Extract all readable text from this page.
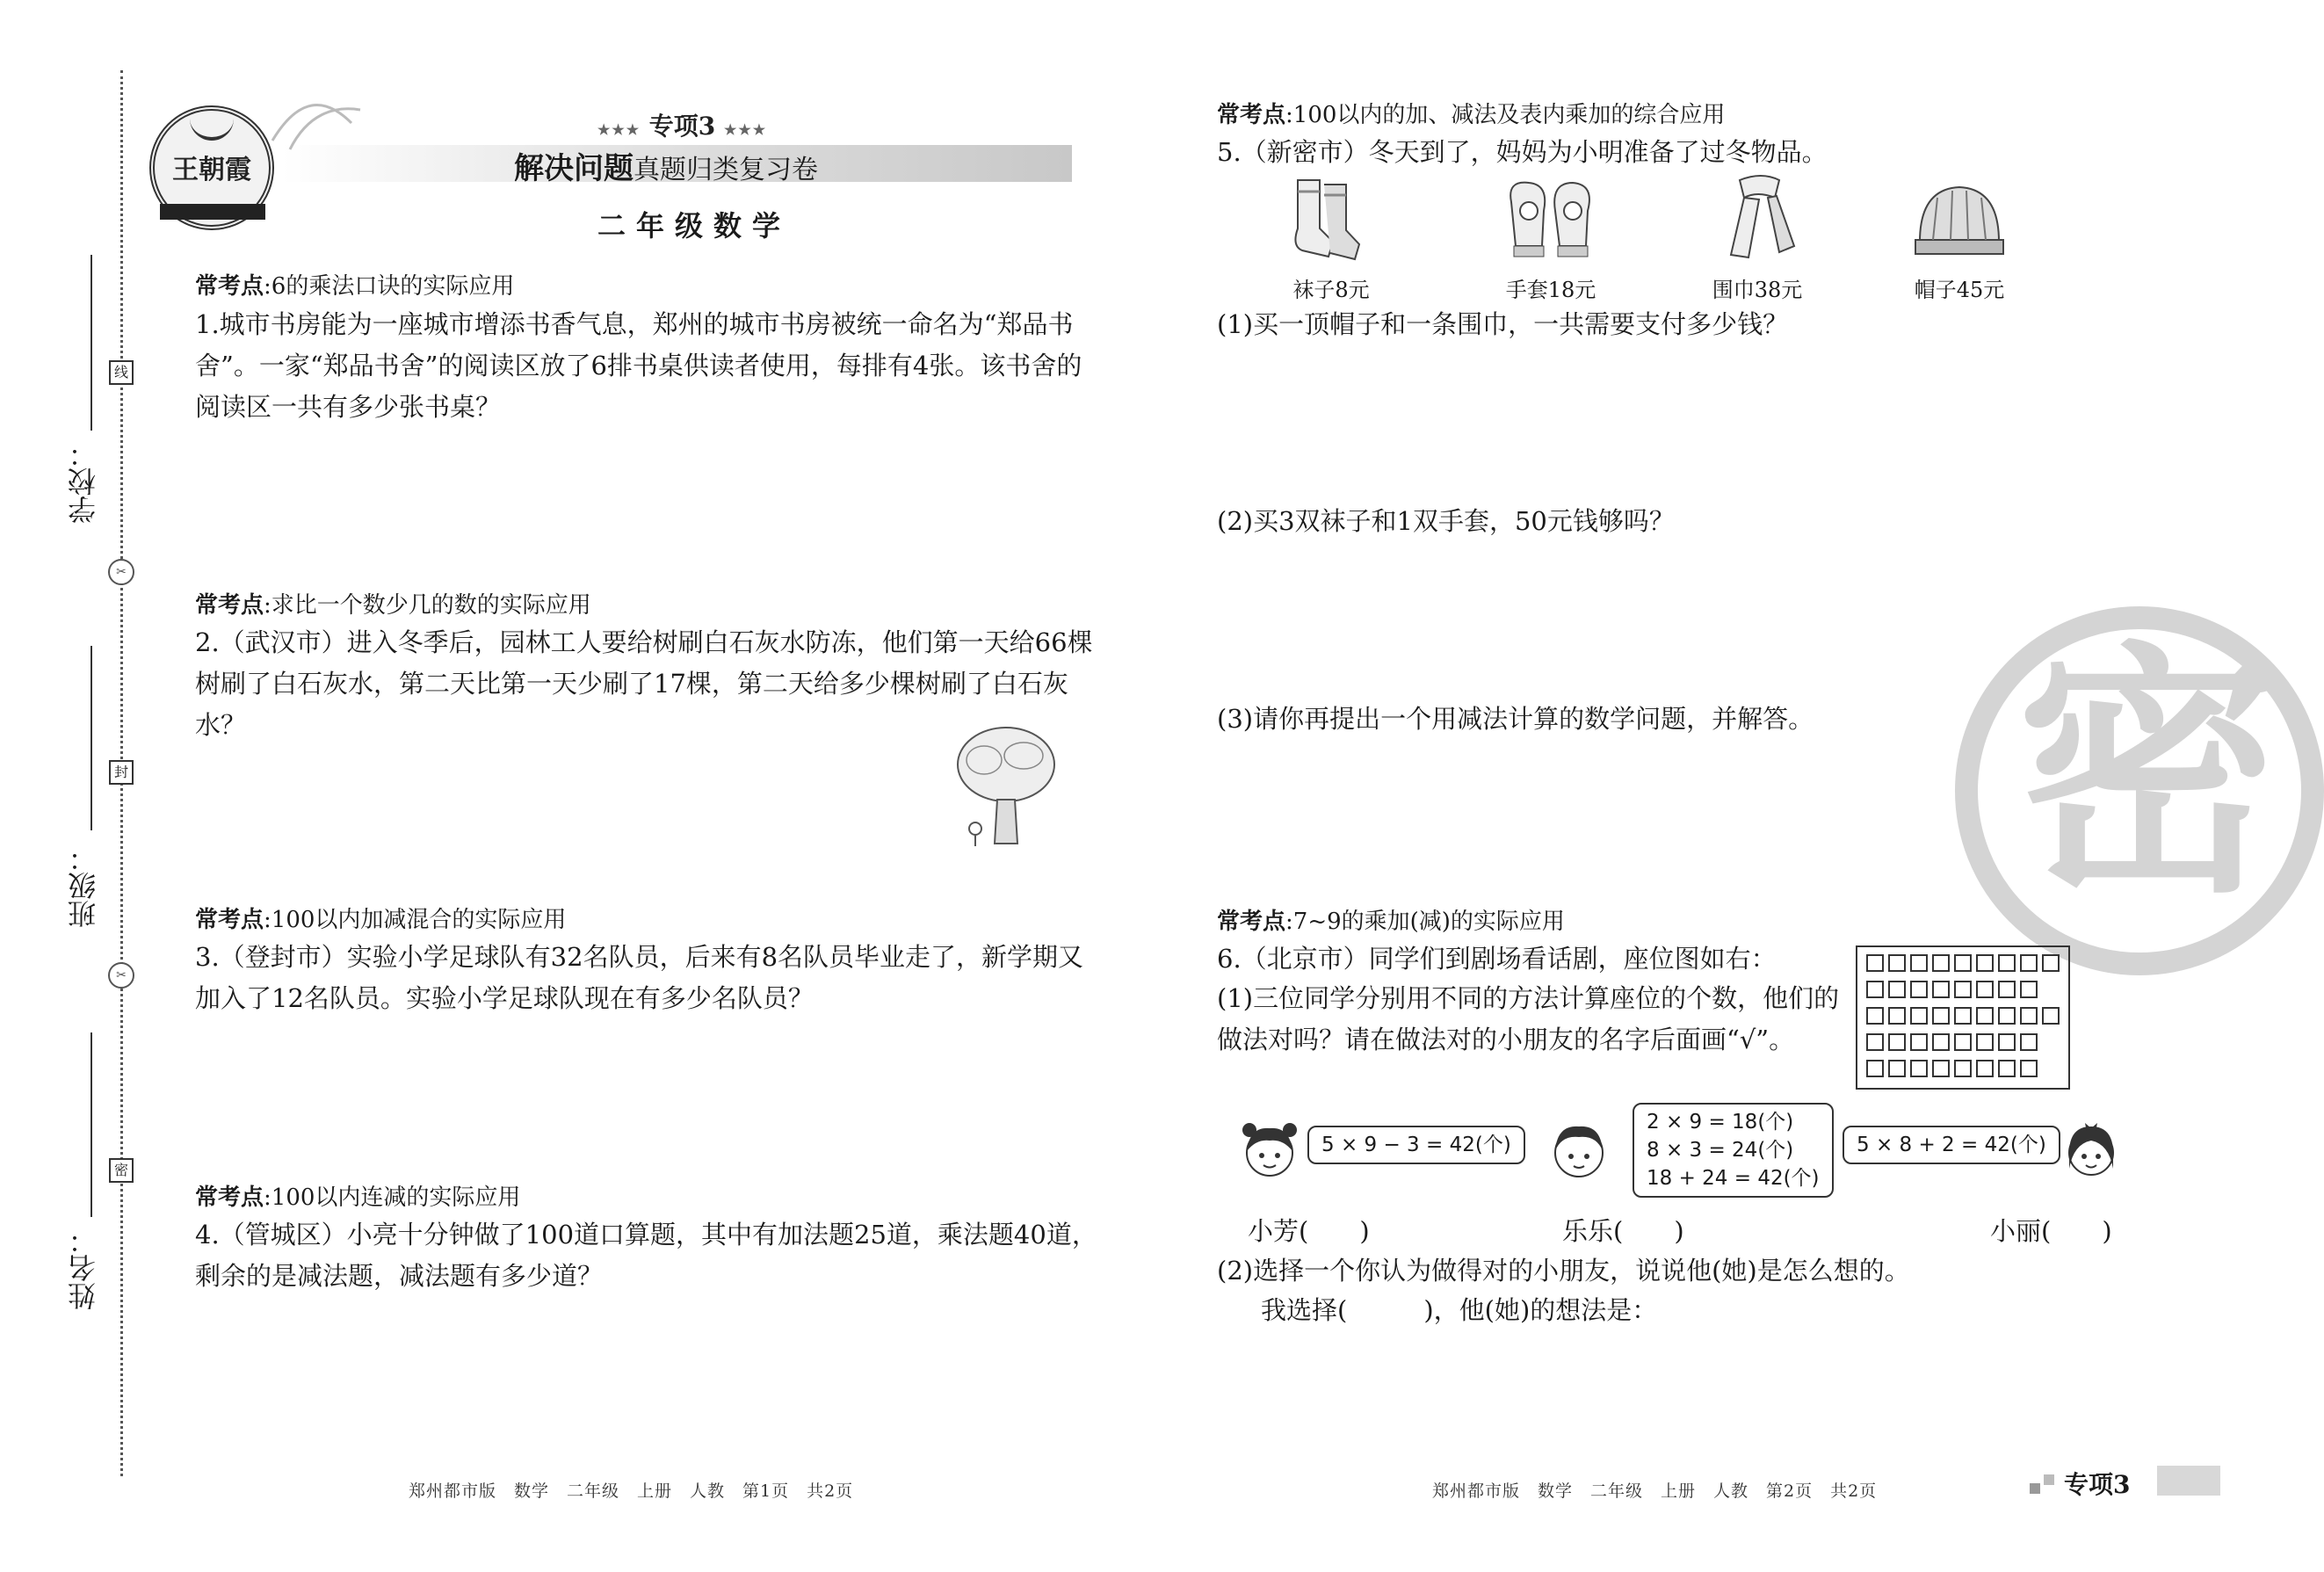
学校：
班级：
姓名：
线
封
密
✂
✂
王朝霞
★★★ 专项3 ★★★
解决问题真题归类复习卷
二年级数学
常考点:6的乘法口诀的实际应用
1.城市书房能为一座城市增添书香气息，郑州的城市书房被统一命名为“郑品书舍”。一家“郑品书舍”的阅读区放了6排书桌供读者使用，每排有4张。该书舍的阅读区一共有多少张书桌？
常考点:求比一个数少几的数的实际应用
2.（武汉市）进入冬季后，园林工人要给树刷白石灰水防冻，他们第一天给66棵树刷了白石灰水，第二天比第一天少刷了17棵，第二天给多少棵树刷了白石灰水？
常考点:100以内加减混合的实际应用
3.（登封市）实验小学足球队有32名队员，后来有8名队员毕业走了，新学期又加入了12名队员。实验小学足球队现在有多少名队员？
常考点:100以内连减的实际应用
4.（管城区）小亮十分钟做了100道口算题，其中有加法题25道，乘法题40道，剩余的是减法题，减法题有多少道？
郑州都市版　数学　二年级　上册　人教　第1页　共2页
密
常考点:100以内的加、减法及表内乘加的综合应用
5.（新密市）冬天到了，妈妈为小明准备了过冬物品。
袜子8元	手套18元	围巾38元	帽子45元
(1)买一顶帽子和一条围巾，一共需要支付多少钱？
(2)买3双袜子和1双手套，50元钱够吗？
(3)请你再提出一个用减法计算的数学问题，并解答。
常考点:7~9的乘加(减)的实际应用
6.（北京市）同学们到剧场看话剧，座位图如右：
(1)三位同学分别用不同的方法计算座位的个数，他们的做法对吗？请在做法对的小朋友的名字后面画“√”。
5 × 9 − 3 = 42(个)
2 × 9 = 18(个)
8 × 3 = 24(个)
18 + 24 = 42(个)
5 × 8 + 2 = 42(个)
小芳(　　)	乐乐(　　)	小丽(　　)
(2)选择一个你认为做得对的小朋友，说说他(她)是怎么想的。
我选择(　　　)，他(她)的想法是：
郑州都市版　数学　二年级　上册　人教　第2页　共2页	专项3
